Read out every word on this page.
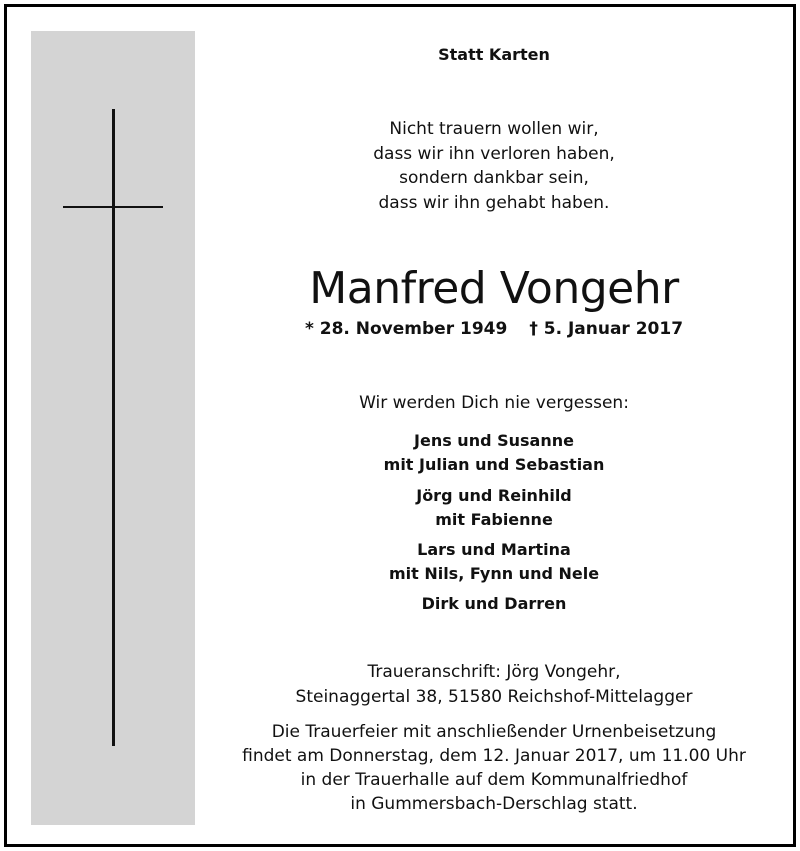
Statt Karten
Nicht trauern wollen wir,
dass wir ihn verloren haben,
sondern dankbar sein,
dass wir ihn gehabt haben.
Manfred Vongehr
* 28. November 1949 † 5. Januar 2017
Wir werden Dich nie vergessen:
Jens und Susanne
mit Julian und Sebastian
Jörg und Reinhild
mit Fabienne
Lars und Martina
mit Nils, Fynn und Nele
Dirk und Darren
Traueranschrift: Jörg Vongehr,
Steinaggertal 38, 51580 Reichshof-Mittelagger
Die Trauerfeier mit anschließender Urnenbeisetzung
findet am Donnerstag, dem 12. Januar 2017, um 11.00 Uhr
in der Trauerhalle auf dem Kommunalfriedhof
in Gummersbach-Derschlag statt.
